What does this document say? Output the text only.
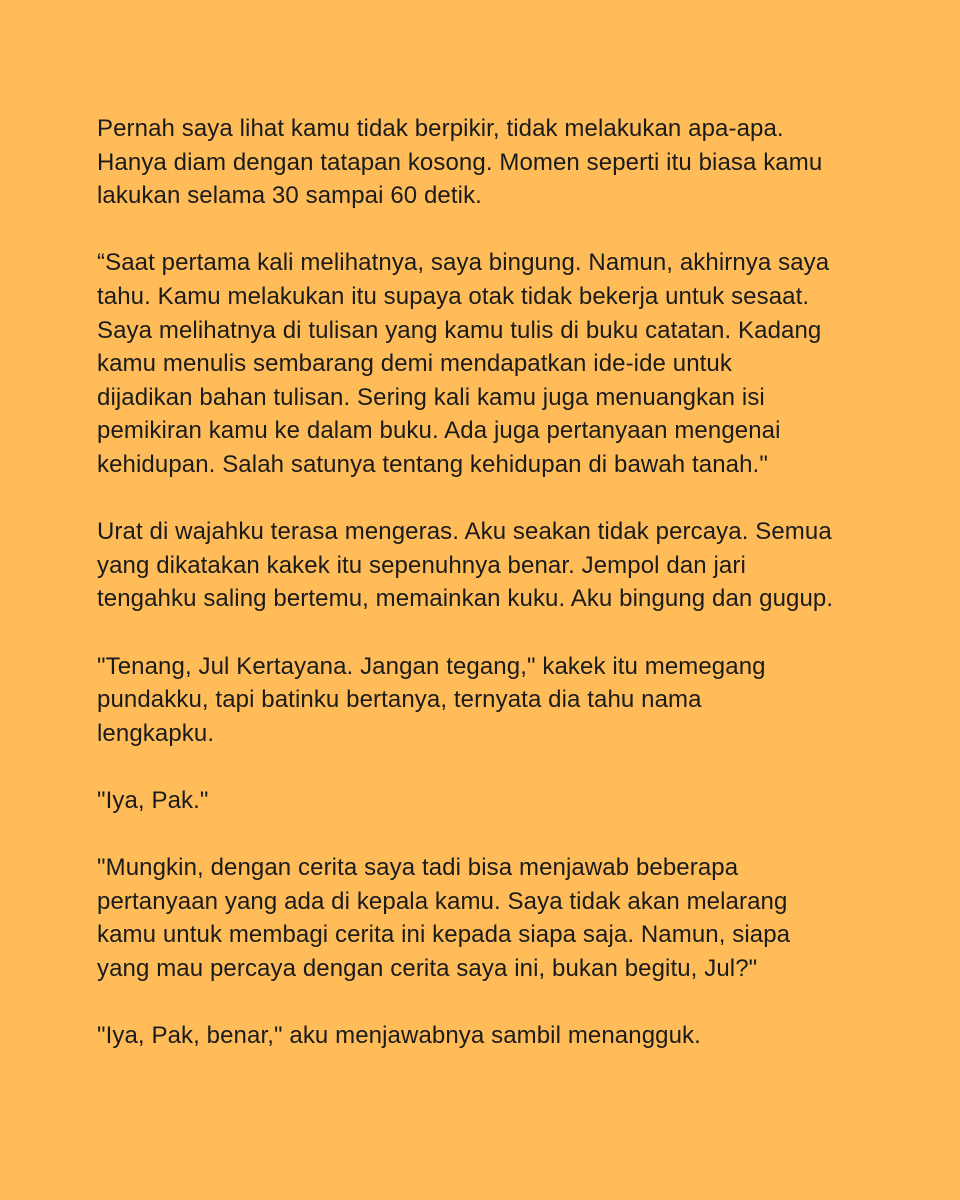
Pernah saya lihat kamu tidak berpikir, tidak melakukan apa-apa.
Hanya diam dengan tatapan kosong. Momen seperti itu biasa kamu
lakukan selama 30 sampai 60 detik.

“Saat pertama kali melihatnya, saya bingung. Namun, akhirnya saya
tahu. Kamu melakukan itu supaya otak tidak bekerja untuk sesaat.
Saya melihatnya di tulisan yang kamu tulis di buku catatan. Kadang
kamu menulis sembarang demi mendapatkan ide-ide untuk
dijadikan bahan tulisan. Sering kali kamu juga menuangkan isi
pemikiran kamu ke dalam buku. Ada juga pertanyaan mengenai
kehidupan. Salah satunya tentang kehidupan di bawah tanah."

Urat di wajahku terasa mengeras. Aku seakan tidak percaya. Semua
yang dikatakan kakek itu sepenuhnya benar. Jempol dan jari
tengahku saling bertemu, memainkan kuku. Aku bingung dan gugup.

"Tenang, Jul Kertayana. Jangan tegang," kakek itu memegang
pundakku, tapi batinku bertanya, ternyata dia tahu nama
lengkapku.

"Iya, Pak."

"Mungkin, dengan cerita saya tadi bisa menjawab beberapa
pertanyaan yang ada di kepala kamu. Saya tidak akan melarang
kamu untuk membagi cerita ini kepada siapa saja. Namun, siapa
yang mau percaya dengan cerita saya ini, bukan begitu, Jul?"

"Iya, Pak, benar," aku menjawabnya sambil menangguk.
